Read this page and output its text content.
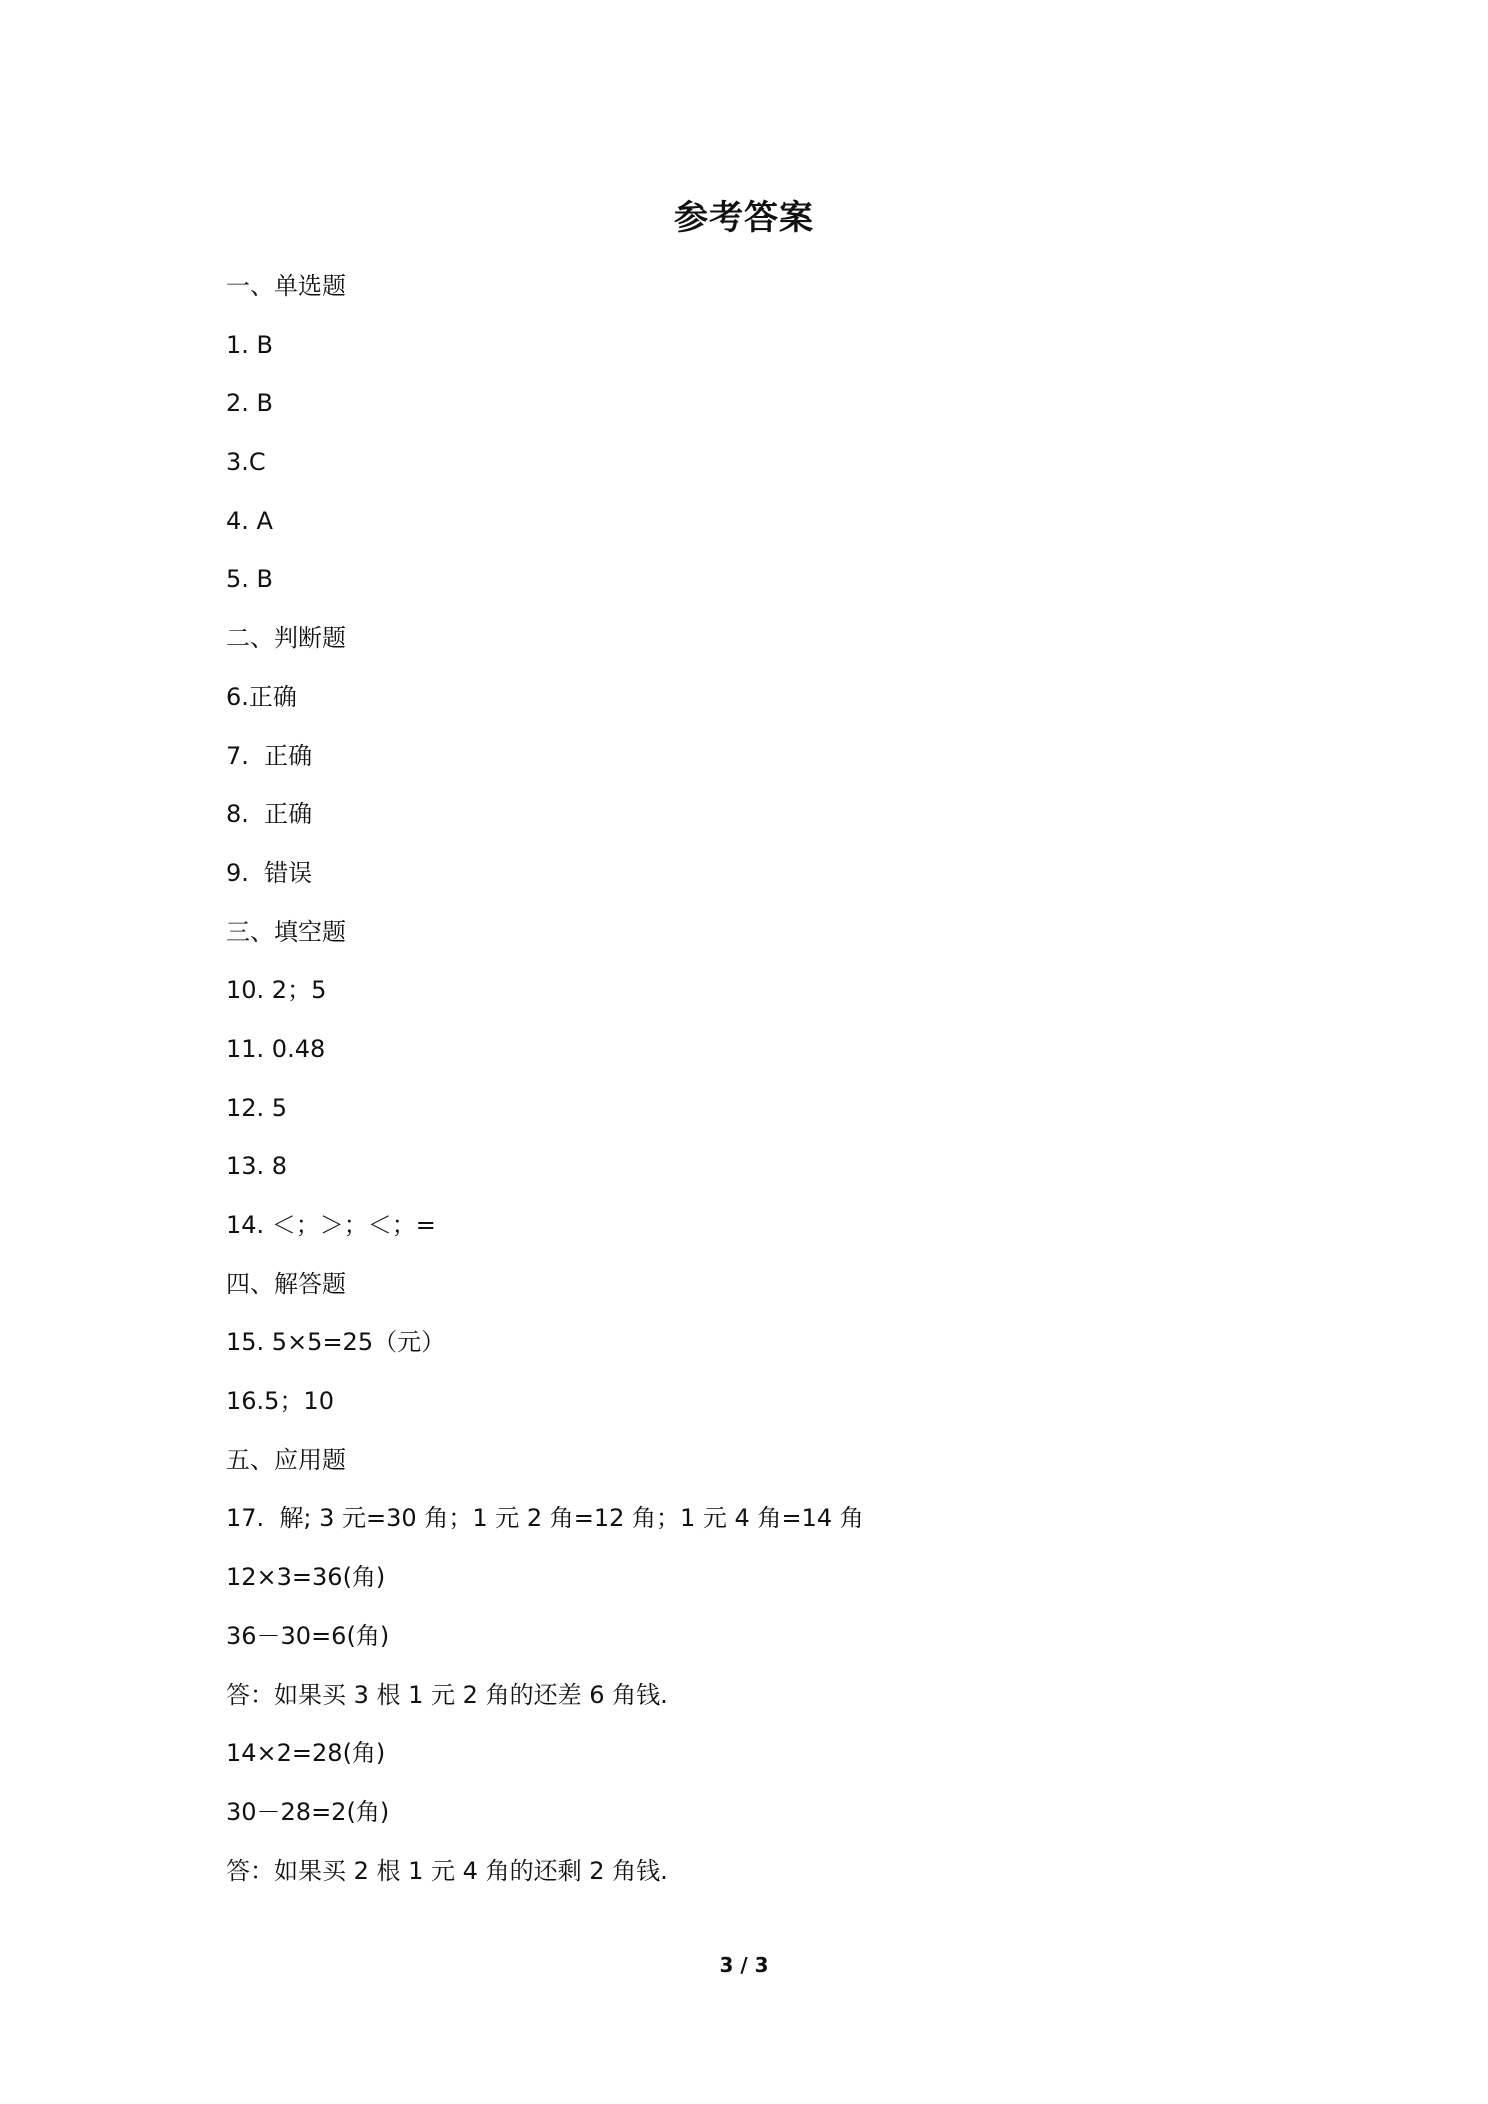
参考答案
一、单选题
1. B
2. B
3.C
4. A
5. B
二、判断题
6.正确
7.  正确
8.  正确
9.  错误
三、填空题
10. 2；5
11. 0.48
12. 5
13. 8
14. ＜；＞；＜；=
四、解答题
15. 5×5=25（元）
16.5；10
五、应用题
17.  解; 3 元=30 角；1 元 2 角=12 角；1 元 4 角=14 角
12×3=36(角)
36－30=6(角)
答：如果买 3 根 1 元 2 角的还差 6 角钱.
14×2=28(角)
30－28=2(角)
答：如果买 2 根 1 元 4 角的还剩 2 角钱.
3 / 3
